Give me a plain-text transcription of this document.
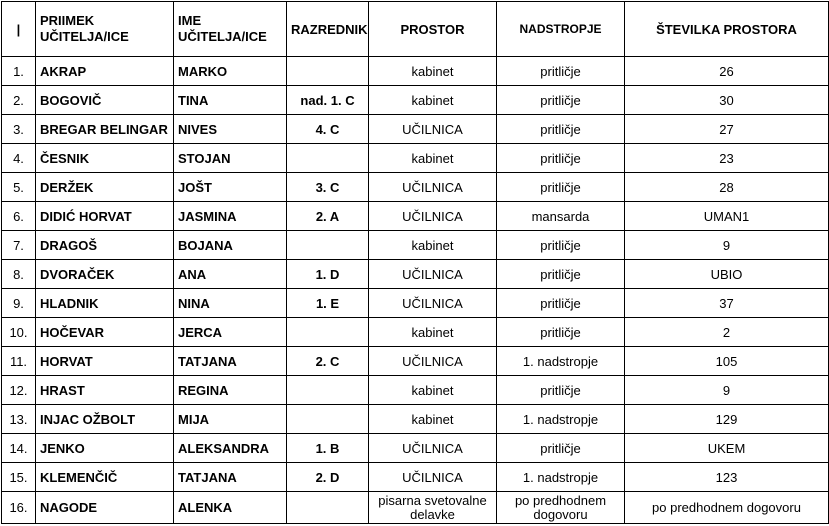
|	PRIIMEK UČITELJA/ICE	IME UČITELJA/ICE	RAZREDNIK	PROSTOR	NADSTROPJE	ŠTEVILKA PROSTORA
1.	AKRAP	MARKO		kabinet	pritličje	26
2.	BOGOVIČ	TINA	nad. 1. C	kabinet	pritličje	30
3.	BREGAR BELINGAR	NIVES	4. C	UČILNICA	pritličje	27
4.	ČESNIK	STOJAN		kabinet	pritličje	23
5.	DERŽEK	JOŠT	3. C	UČILNICA	pritličje	28
6.	DIDIĆ HORVAT	JASMINA	2. A	UČILNICA	mansarda	UMAN1
7.	DRAGOŠ	BOJANA		kabinet	pritličje	9
8.	DVORAČEK	ANA	1. D	UČILNICA	pritličje	UBIO
9.	HLADNIK	NINA	1. E	UČILNICA	pritličje	37
10.	HOČEVAR	JERCA		kabinet	pritličje	2
11.	HORVAT	TATJANA	2. C	UČILNICA	1. nadstropje	105
12.	HRAST	REGINA		kabinet	pritličje	9
13.	INJAC OŽBOLT	MIJA		kabinet	1. nadstropje	129
14.	JENKO	ALEKSANDRA	1. B	UČILNICA	pritličje	UKEM
15.	KLEMENČIČ	TATJANA	2. D	UČILNICA	1. nadstropje	123
16.	NAGODE	ALENKA		pisarna svetovalne delavke	po predhodnem dogovoru	po predhodnem dogovoru
